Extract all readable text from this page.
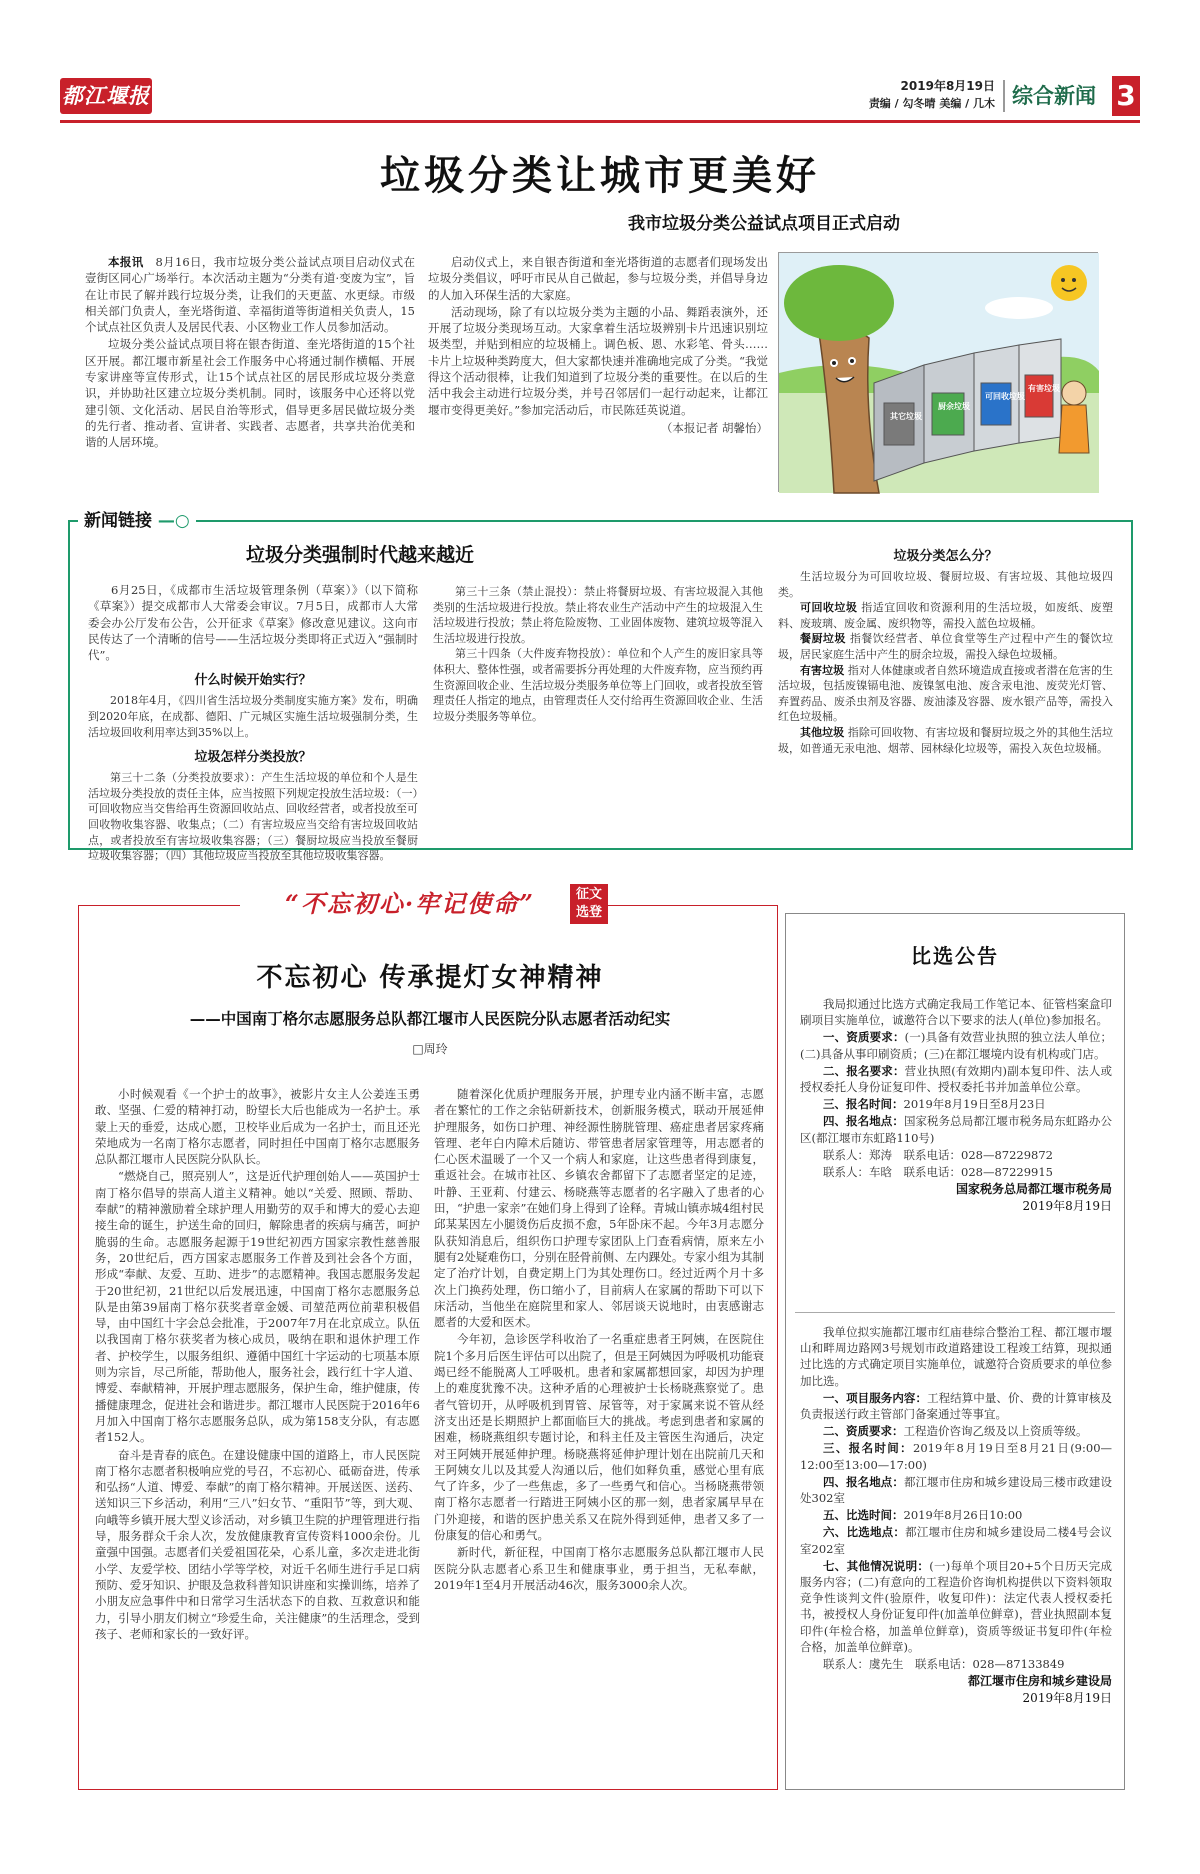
都江堰报	2019年8月19日
责编 / 勾冬晴 美编 / 几木 综合新闻 3
垃圾分类让城市更美好
我市垃圾分类公益试点项目正式启动

本报讯　 8月16日，我市垃圾分类公益试点项目启动仪式在壹街区同心广场举行。本次活动主题为“分类有道·变废为宝”，旨在让市民了解并践行垃圾分类，让我们的天更蓝、水更绿。市级相关部门负责人，奎光塔街道、幸福街道等街道相关负责人，15个试点社区负责人及居民代表、小区物业工作人员参加活动。

垃圾分类公益试点项目将在银杏街道、奎光塔街道的15个社区开展。都江堰市新星社会工作服务中心将通过制作横幅、开展专家讲座等宣传形式，让15个试点社区的居民形成垃圾分类意识，并协助社区建立垃圾分类机制。同时，该服务中心还将以党建引领、文化活动、居民自治等形式，倡导更多居民做垃圾分类的先行者、推动者、宣讲者、实践者、志愿者，共享共治优美和谐的人居环境。

启动仪式上，来自银杏街道和奎光塔街道的志愿者们现场发出垃圾分类倡议，呼吁市民从自己做起，参与垃圾分类，并倡导身边的人加入环保生活的大家庭。

活动现场，除了有以垃圾分类为主题的小品、舞蹈表演外，还开展了垃圾分类现场互动。大家拿着生活垃圾辨别卡片迅速识别垃圾类型，并贴到相应的垃圾桶上。调色板、恩、水彩笔、骨头……卡片上垃圾种类跨度大，但大家都快速并准确地完成了分类。“我觉得这个活动很棒，让我们知道到了垃圾分类的重要性。在以后的生活中我会主动进行垃圾分类，并号召邻居们一起行动起来，让都江堰市变得更美好。”参加完活动后，市民陈廷英说道。

（本报记者 胡馨怡）

其它垃圾
厨余垃圾
可回收垃圾
有害垃圾
新闻链接 —○
垃圾分类强制时代越来越近

6月25日，《成都市生活垃圾管理条例（草案）》（以下简称《草案》）提交成都市人大常委会审议。7月5日，成都市人大常委会办公厅发布公告，公开征求《草案》修改意见建议。这向市民传达了一个清晰的信号——生活垃圾分类即将正式迈入“强制时代”。

什么时候开始实行？

2018年4月，《四川省生活垃圾分类制度实施方案》发布，明确到2020年底，在成都、德阳、广元城区实施生活垃圾强制分类，生活垃圾回收利用率达到35%以上。

垃圾怎样分类投放？

第三十二条（分类投放要求）：产生生活垃圾的单位和个人是生活垃圾分类投放的责任主体，应当按照下列规定投放生活垃圾：（一）可回收物应当交售给再生资源回收站点、回收经营者，或者投放至可回收物收集容器、收集点；（二）有害垃圾应当交给有害垃圾回收站点，或者投放至有害垃圾收集容器；（三）餐厨垃圾应当投放至餐厨垃圾收集容器；（四）其他垃圾应当投放至其他垃圾收集容器。

第三十三条（禁止混投）：禁止将餐厨垃圾、有害垃圾混入其他类别的生活垃圾进行投放。禁止将农业生产活动中产生的垃圾混入生活垃圾进行投放；禁止将危险废物、工业固体废物、建筑垃圾等混入生活垃圾进行投放。

第三十四条（大件废弃物投放）：单位和个人产生的废旧家具等体积大、整体性强，或者需要拆分再处理的大件废弃物，应当预约再生资源回收企业、生活垃圾分类服务单位等上门回收，或者投放至管理责任人指定的地点，由管理责任人交付给再生资源回收企业、生活垃圾分类服务等单位。

垃圾分类怎么分？

生活垃圾分为可回收垃圾、餐厨垃圾、有害垃圾、其他垃圾四类。

可回收垃圾 指适宜回收和资源利用的生活垃圾，如废纸、废塑料、废玻璃、废金属、废织物等，需投入蓝色垃圾桶。

餐厨垃圾 指餐饮经营者、单位食堂等生产过程中产生的餐饮垃圾，居民家庭生活中产生的厨余垃圾，需投入绿色垃圾桶。

有害垃圾 指对人体健康或者自然环境造成直接或者潜在危害的生活垃圾，包括废镍镉电池、废镍氢电池、废含汞电池、废荧光灯管、弃置药品、废杀虫剂及容器、废油漆及容器、废水银产品等，需投入红色垃圾桶。

其他垃圾 指除可回收物、有害垃圾和餐厨垃圾之外的其他生活垃圾，如普通无汞电池、烟蒂、园林绿化垃圾等，需投入灰色垃圾桶。

“不忘初心·牢记使命”	征文选登
不忘初心 传承提灯女神精神
——中国南丁格尔志愿服务总队都江堰市人民医院分队志愿者活动纪实
□周玲

小时候观看《一个护士的故事》，被影片女主人公姜连玉勇敢、坚强、仁爱的精神打动，盼望长大后也能成为一名护士。承蒙上天的垂爱，达成心愿，卫校毕业后成为一名护士，而且还光荣地成为一名南丁格尔志愿者，同时担任中国南丁格尔志愿服务总队都江堰市人民医院分队队长。

“燃烧自己，照亮别人”，这是近代护理创始人——英国护士南丁格尔倡导的崇高人道主义精神。她以“关爱、照顾、帮助、奉献”的精神激励着全球护理人用勤劳的双手和博大的爱心去迎接生命的诞生，护送生命的回归，解除患者的疾病与痛苦，呵护脆弱的生命。志愿服务起源于19世纪初西方国家宗教性慈善服务，20世纪后，西方国家志愿服务工作普及到社会各个方面，形成“奉献、友爱、互助、进步”的志愿精神。我国志愿服务发起于20世纪初，21世纪以后发展迅速，中国南丁格尔志愿服务总队是由第39届南丁格尔获奖者章金媛、司堃范两位前辈积极倡导，由中国红十字会总会批准，于2007年7月在北京成立。队伍以我国南丁格尔获奖者为核心成员，吸纳在职和退休护理工作者、护校学生，以服务组织、遵循中国红十字运动的七项基本原则为宗旨，尽己所能，帮助他人，服务社会，践行红十字人道、博爱、奉献精神，开展护理志愿服务，保护生命，维护健康，传播健康理念，促进社会和谐进步。都江堰市人民医院于2016年6月加入中国南丁格尔志愿服务总队，成为第158支分队，有志愿者152人。

奋斗是青春的底色。在建设健康中国的道路上，市人民医院南丁格尔志愿者积极响应党的号召，不忘初心、砥砺奋进，传承和弘扬“人道、博爱、奉献”的南丁格尔精神。开展送医、送药、送知识三下乡活动，利用“三八”妇女节、“重阳节”等，到大观、向峨等乡镇开展大型义诊活动，对乡镇卫生院的护理管理进行指导，服务群众千余人次，发放健康教育宣传资料1000余份。儿童强中国强。志愿者们关爱祖国花朵，心系儿童，多次走进北街小学、友爱学校、团结小学等学校，对近千名师生进行手足口病预防、爱牙知识、护眼及急救科普知识讲座和实操训练，培养了小朋友应急事件中和日常学习生活状态下的自救、互救意识和能力，引导小朋友们树立“珍爱生命，关注健康”的生活理念，受到孩子、老师和家长的一致好评。

随着深化优质护理服务开展，护理专业内涵不断丰富，志愿者在繁忙的工作之余钻研新技术，创新服务模式，联动开展延伸护理服务，如伤口护理、神经源性膀胱管理、癌症患者居家疼痛管理、老年白内障术后随访、带管患者居家管理等，用志愿者的仁心医术温暖了一个又一个病人和家庭，让这些患者得到康复，重返社会。在城市社区、乡镇农舍都留下了志愿者坚定的足迹，叶静、王亚莉、付建云、杨晓燕等志愿者的名字融入了患者的心田，“护患一家亲”在她们身上得到了诠释。青城山镇赤城4组村民邱某某因左小腿烫伤后皮损不愈，5年卧床不起。今年3月志愿分队获知消息后，组织伤口护理专家团队上门查看病情，原来左小腿有2处疑难伤口，分别在胫骨前侧、左内踝处。专家小组为其制定了治疗计划，自费定期上门为其处理伤口。经过近两个月十多次上门换药处理，伤口缩小了，目前病人在家属的帮助下可以下床活动，当他坐在庭院里和家人、邻居谈天说地时，由衷感谢志愿者的大爱和医术。

今年初，急诊医学科收治了一名重症患者王阿姨，在医院住院1个多月后医生评估可以出院了，但是王阿姨因为呼吸机功能衰竭已经不能脱离人工呼吸机。患者和家属都想回家，却因为护理上的难度犹豫不决。这种矛盾的心理被护士长杨晓燕察觉了。患者气管切开，从呼吸机到胃管、尿管等，对于家属来说不管从经济支出还是长期照护上都面临巨大的挑战。考虑到患者和家属的困难，杨晓燕组织专题讨论，和科主任及主管医生沟通后，决定对王阿姨开展延伸护理。杨晓燕将延伸护理计划在出院前几天和王阿姨女儿以及其爱人沟通以后，他们如释负重，感觉心里有底气了许多，少了一些焦虑，多了一些勇气和信心。当杨晓燕带领南丁格尔志愿者一行踏进王阿姨小区的那一刻，患者家属早早在门外迎接，和谐的医护患关系又在院外得到延伸，患者又多了一份康复的信心和勇气。

新时代，新征程，中国南丁格尔志愿服务总队都江堰市人民医院分队志愿者心系卫生和健康事业，勇于担当，无私奉献，2019年1至4月开展活动46次，服务3000余人次。

比选公告

我局拟通过比选方式确定我局工作笔记本、征管档案盒印刷项目实施单位，诚邀符合以下要求的法人(单位)参加报名。

一、资质要求：(一)具备有效营业执照的独立法人单位；(二)具备从事印刷资质；(三)在都江堰境内设有机构或门店。

二、报名要求：营业执照(有效期内)副本复印件、法人或授权委托人身份证复印件、授权委托书并加盖单位公章。

三、报名时间：2019年8月19日至8月23日

四、报名地点：国家税务总局都江堰市税务局东虹路办公区(都江堰市东虹路110号)

联系人：郑涛　联系电话：028—87229872

联系人：车晗　联系电话：028—87229915

国家税务总局都江堰市税务局

2019年8月19日

我单位拟实施都江堰市红庙巷综合整治工程、都江堰市堰山和畔周边路网3号规划市政道路建设工程竣工结算，现拟通过比选的方式确定项目实施单位，诚邀符合资质要求的单位参加比选。

一、项目服务内容：工程结算中量、价、费的计算审核及负责报送行政主管部门备案通过等事宜。

二、资质要求：工程造价咨询乙级及以上资质等级。

三、报名时间：2019年8月19日至8月21日(9:00—12:00至13:00—17:00)

四、报名地点：都江堰市住房和城乡建设局三楼市政建设处302室

五、比选时间：2019年8月26日10:00

六、比选地点：都江堰市住房和城乡建设局二楼4号会议室202室

七、其他情况说明：(一)每单个项目20+5个日历天完成服务内容；(二)有意向的工程造价咨询机构提供以下资料领取竞争性谈判文件(验原件，收复印件)：法定代表人授权委托书，被授权人身份证复印件(加盖单位鲜章)，营业执照副本复印件(年检合格，加盖单位鲜章)，资质等级证书复印件(年检合格，加盖单位鲜章)。

联系人：虞先生　联系电话：028—87133849

都江堰市住房和城乡建设局

2019年8月19日
